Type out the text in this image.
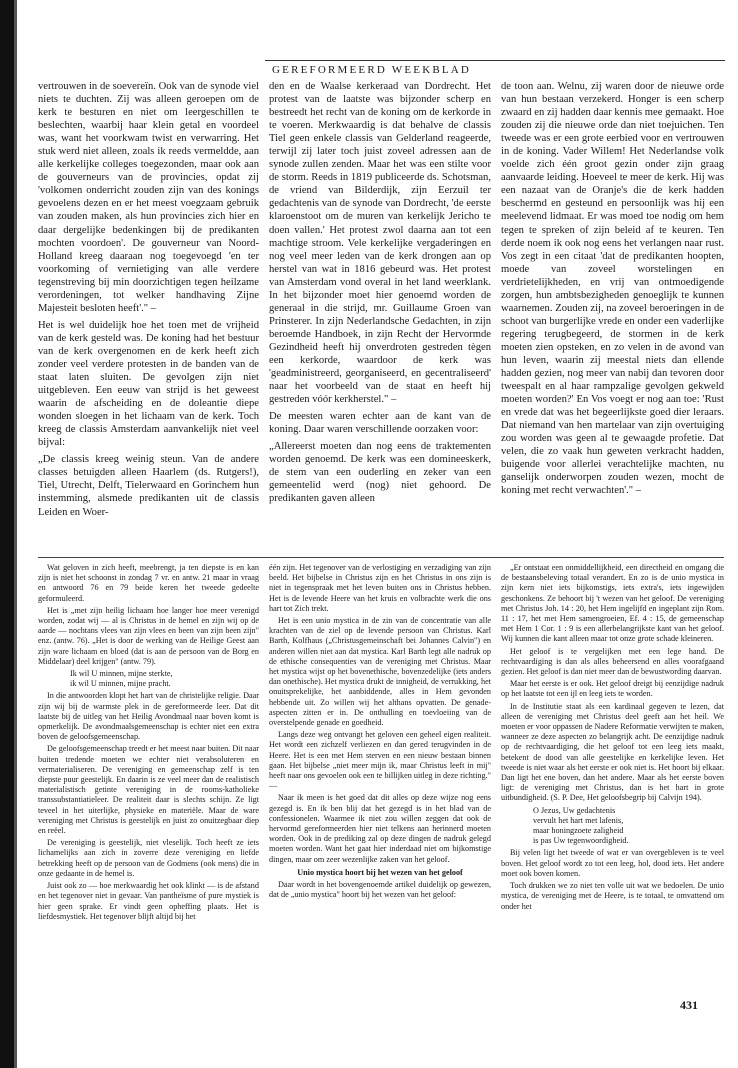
GEREFORMEERD WEEKBLAD

vertrouwen in de soevereïn. Ook van de synode viel niets te duchten. Zij was alleen geroepen om de kerk te besturen en niet om leergeschillen te beslechten, waarbij haar klein getal en voordeel was, want het voorkwam twist en verwarring. Het stuk werd niet alleen, zoals ik reeds vermeldde, aan alle kerkelijke colleges toegezonden, maar ook aan de gouverneurs van de provincies, opdat zij 'volkomen onderricht zouden zijn van des konings gevoelens dezen en er het meest voegzaam gebruik van zouden maken, als hun provincies zich hier en daar dergelijke bedenkingen bij de predikanten mochten voordoen'. De gouverneur van Noord-Holland kreeg daaraan nog toegevoegd 'en ter voorkoming of vernietiging van alle verdere tegenstreving bij min doorzichtigen tegen heilzame verordeningen, tot welker handhaving Zijne Majesteit besloten heeft'." –

Het is wel duidelijk hoe het toen met de vrijheid van de kerk gesteld was. De koning had het bestuur van de kerk overgenomen en de kerk heeft zich zonder veel verdere protesten in de banden van de staat laten sluiten. De gevolgen zijn niet uitgebleven. Een eeuw van strijd is het geweest waarin de afscheiding en de doleantie diepe wonden sloegen in het lichaam van de kerk. Toch kreeg de classis Amsterdam aanvankelijk niet veel bijval:

„De classis kreeg weinig steun. Van de andere classes betuigden alleen Haarlem (ds. Rutgers!), Tiel, Utrecht, Delft, Tielerwaard en Gorinchem hun instemming, alsmede predikanten uit de classis Leiden en Woer-

den en de Waalse kerkeraad van Dordrecht. Het protest van de laatste was bijzonder scherp en bestreedt het recht van de koning om de kerkorde in te voeren. Merkwaardig is dat behalve de classis Tiel geen enkele classis van Gelderland reageerde, terwijl zij later toch juist zoveel adressen aan de synode zullen zenden. Maar het was een stilte voor de storm. Reeds in 1819 publiceerde ds. Schotsman, de vriend van Bilderdijk, zijn Eerzuil ter gedachtenis van de synode van Dordrecht, 'de eerste klaroenstoot om de muren van kerkelijk Jericho te doen vallen.' Het protest zwol daarna aan tot een machtige stroom. Vele kerkelijke vergaderingen en nog veel meer leden van de kerk drongen aan op herstel van wat in 1816 gebeurd was. Het protest van Amsterdam vond overal in het land weerklank. In het bijzonder moet hier genoemd worden de generaal in die strijd, mr. Guillaume Groen van Prinsterer. In zijn Nederlandsche Gedachten, in zijn beroemde Handboek, in zijn Recht der Hervormde Gezindheid heeft hij onverdroten gestreden tègen een kerkorde, waardoor de kerk was 'geadministreerd, georganiseerd, en gecentraliseerd' naar het voorbeeld van de staat en heeft hij gestreden vóór kerkherstel." –

De meesten waren echter aan de kant van de koning. Daar waren verschillende oorzaken voor:

„Allereerst moeten dan nog eens de traktementen worden genoemd. De kerk was een domineeskerk, de stem van een ouderling en zeker van een gemeentelid werd (nog) niet gehoord. De predikanten gaven alleen

de toon aan. Welnu, zij waren door de nieuwe orde van hun bestaan verzekerd. Honger is een scherp zwaard en zij hadden daar kennis mee gemaakt. Hoe zouden zij die nieuwe orde dan niet toejuichen. Ten tweede was er een grote eerbied voor en vertrouwen in de koning. Vader Willem! Het Nederlandse volk voelde zich één groot gezin onder zijn graag aanvaarde leiding. Hoeveel te meer de kerk. Hij was een nazaat van de Oranje's die de kerk hadden beschermd en gesteund en persoonlijk was hij een meelevend lidmaat. Er was moed toe nodig om hem tegen te spreken of zijn beleid af te keuren. Ten derde noem ik ook nog eens het verlangen naar rust. Vos zegt in een citaat 'dat de predikanten hoopten, moede van zoveel worstelingen en verdrietelijkheden, en vrij van ontmoedigende zorgen, hun ambtsbezigheden genoeglijk te kunnen waarnemen. Zouden zij, na zoveel beroeringen in de schoot van burgerlijke vrede en onder een vaderlijke regering terugbegeerd, de stormen in de kerk moeten zien opsteken, en zo velen in de avond van hun leven, waarin zij meestal niets dan ellende hadden gezien, nog meer van nabij dan tevoren door tweespalt en al haar rampzalige gevolgen gekweld moeten worden?' En Vos voegt er nog aan toe: 'Rust en vrede dat was het begeerlijkste goed dier leraars. Dat niemand van hen martelaar van zijn overtuiging zou worden was geen al te gewaagde profetie. Dat velen, die zo vaak hun geweten verkracht hadden, buigende voor allerlei verachtelijke machten, nu ganselijk onderworpen zouden wezen, mocht de koning met recht verwachten'." –

Wat geloven in zich heeft, meebrengt, ja ten diepste is en kan zijn is niet het schoonst in zondag 7 vr. en antw. 21 maar in vraag en antwoord 76 en 79 beide keren het tweede gedeelte geformuleerd.

Het is „met zijn heilig lichaam hoe langer hoe meer verenigd worden, zodat wij — al is Christus in de hemel en zijn wij op de aarde — nochtans vlees van zijn vlees en been van zijn been zijn" enz. (antw. 76). „Het is door de werking van de Heilige Geest aan zijn ware lichaam en bloed (dat is aan de persoon van de Borg en Middelaar) deel krijgen" (antw. 79).

Ik wil U minnen, mijne sterkte,
ik wil U minnen, mijne pracht.

In die antwoorden klopt het hart van de christelijke religie. Daar zijn wij bij de warmste plek in de gereformeerde leer. Dat dit laatste bij de uitleg van het Heilig Avondmaal naar boven komt is opmerkelijk. De avondmaalsgemeenschap is echter niet een extra boven de geloofsgemeenschap.

De geloofsgemeenschap treedt er het meest naar buiten. Dit naar buiten tredende moeten we echter niet verabsoluteren en vermaterialiseren. De vereniging en gemeenschap zelf is ten diepste puur geestelijk. En daarin is ze veel meer dan de realistisch materialistisch getinte vereniging in de rooms-katholieke transsubstantiatieleer. De realiteit daar is slechts schijn. Ze ligt teveel in het uiterlijke, physieke en materiële. Maar de ware vereniging met Christus is geestelijk en juist zo onuitzegbaar diep en reëel.

De vereniging is geestelijk, niet vleselijk. Toch heeft ze iets lichamelijks aan zich in zoverre deze vereniging en liefde betrekking heeft op de persoon van de Godmens (ook mens) die in onze gedaante in de hemel is.

Juist ook zo — hoe merkwaardig het ook klinkt — is de afstand en het tegenover niet in gevaar. Van pantheïsme of pure mystiek is hier geen sprake. Er vindt geen opheffing plaats. Het is liefdesmystiek. Het tegenover blijft altijd bij het

één zijn. Het tegenover van de verlostiging en verzadiging van zijn beeld. Het bijbelse in Christus zijn en het Christus in ons zijn is niet in tegenspraak met het leven buiten ons in Christus hebben. Het is de levende Heere van het kruis en volbrachte werk die ons hart tot Zich trekt.

Het is een unio mystica in de zin van de concentratie van alle krachten van de ziel op de levende persoon van Christus. Karl Barth, Kolfhaus („Christusgemeinschaft bei Johannes Calvin") en anderen willen niet aan dat mystica. Karl Barth legt alle nadruk op de ethische consequenties van de vereniging met Christus. Maar het mystica wijst op het bovenethische, bovenzedelijke (iets anders dan onethische). Het mystica drukt de innigheid, de verrukking, het onuitsprekelijke, het aanbiddende, alles in Hem gevonden hebbende uit. Zo willen wij het althans opvatten. De genade-aspecten zitten er in. De onthulling en toevloeiing van de overstelpende genade en goedheid.

Langs deze weg ontvangt het geloven een geheel eigen realiteit. Het wordt een zichzelf verliezen en dan gered terugvinden in de Heere. Het is een met Hem sterven en een nieuw bestaan binnen gaan. Het bijbelse „niet meer mijn ik, maar Christus leeft in mij" heeft naar ons gevoelen ook een te billijken uitleg in deze richting." —

Naar ik meen is het goed dat dit alles op deze wijze nog eens gezegd is. En ik ben blij dat het gezegd is in het blad van de confessionelen. Waarmee ik niet zou willen zeggen dat ook de hervormd gereformeerden hier niet telkens aan herinnerd moeten worden. Ook in de prediking zal op deze dingen de nadruk gelegd moeten worden. Want het gaat hier inderdaad niet om bijkomstige dingen, maar om zeer wezenlijke zaken van het geloof.

Unio mystica hoort bij het wezen van het geloof

Daar wordt in het bovengenoemde artikel duidelijk op gewezen, dat de „unio mystica" hoort bij het wezen van het geloof:

„Er ontstaat een onmiddellijkheid, een directheid en omgang die de bestaansbeleving totaal verandert. En zo is de unio mystica in zijn kern niet iets bijkomstigs, iets extra's, iets ingewijden geschonkens. Ze behoort bij 't wezen van het geloof. De vereniging met Christus Joh. 14 : 20, het Hem ingelijfd en ingeplant zijn Rom. 11 : 17, het met Hem samengroeien, Ef. 4 : 15, de gemeenschap met Hem 1 Cor. 1 : 9 is een allerbelangrijkste kant van het geloof. Wij kunnen die kant alleen maar tot onze grote schade kleineren.

Het geloof is te vergelijken met een lege hand. De rechtvaardiging is dan als alles beheersend en alles voorafgaand gezien. Het geloof is dan niet meer dan de bewustwording daarvan.

Maar het eerste is er ook. Het geloof dreigt bij eenzijdige nadruk op het laatste tot een ijl en leeg iets te worden.

In de Institutie staat als een kardinaal gegeven te lezen, dat alleen de vereniging met Christus deel geeft aan het heil. We moeten er voor oppassen de Nadere Reformatie verwijten te maken, wanneer ze deze aspecten zo belangrijk acht. De eenzijdige nadruk op de rechtvaardiging, die het geloof tot een leeg iets maakt, betekent de dood van alle geestelijke en kerkelijke leven. Het tweede is niet waar als het eerste er ook niet is. Het hoort bij elkaar. Dan ligt het ene boven, dan het andere. Maar als het eerste boven ligt: de vereniging met Christus, dan is het hart in grote uitbundigheid. (S. P. Dee, Het geloofsbegrip bij Calvijn 194).

O Jezus, Uw gedachtenis
vervult het hart met lafenis,
maar honingzoete zaligheid
is pas Uw tegenwoordigheid.

Bij velen ligt het tweede of wat er van overgebleven is te veel boven. Het geloof wordt zo tot een leeg, hol, dood iets. Het andere moet ook boven komen.

Toch drukken we zo niet ten volle uit wat we bedoelen. De unio mystica, de vereniging met de Heere, is te totaal, te omvattend om onder het

431
